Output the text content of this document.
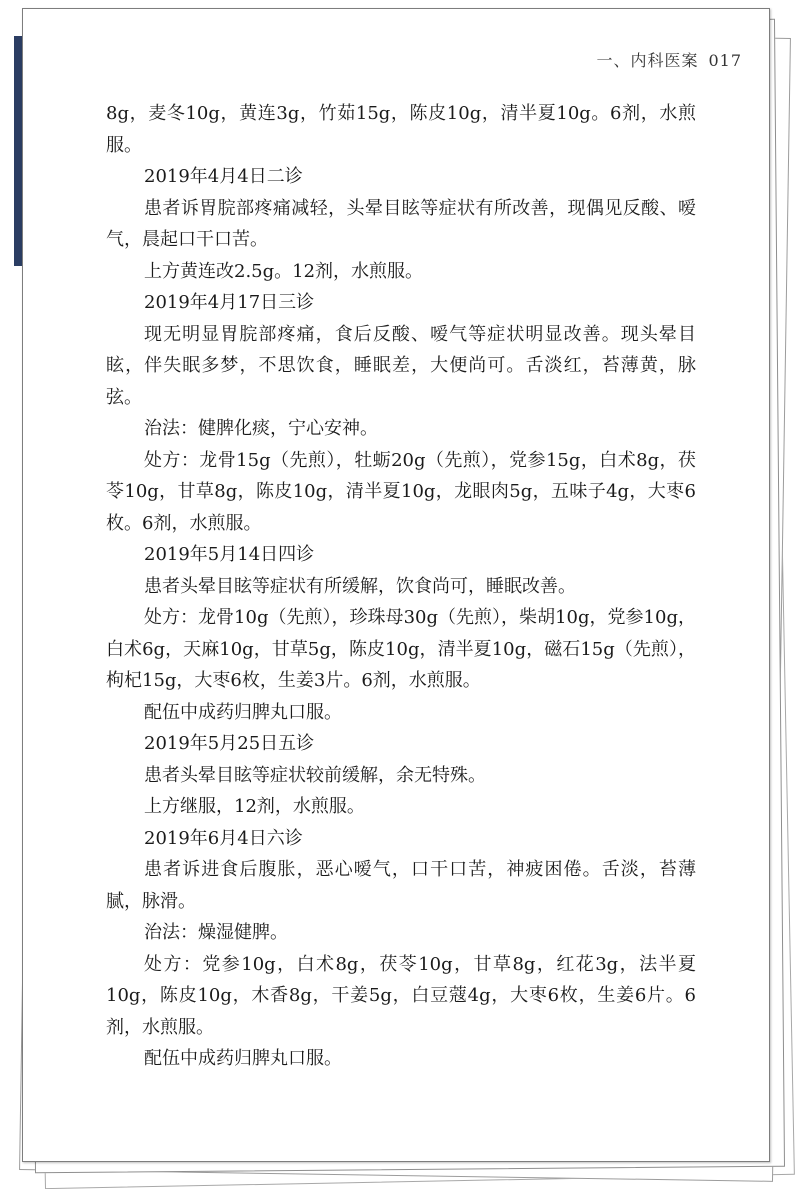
一、内科医案 017

8g，麦冬10g，黄连3g，竹茹15g，陈皮10g，清半夏10g。6剂，水煎服。

2019年4月4日二诊

患者诉胃脘部疼痛减轻，头晕目眩等症状有所改善，现偶见反酸、嗳气，晨起口干口苦。

上方黄连改2.5g。12剂，水煎服。

2019年4月17日三诊

现无明显胃脘部疼痛，食后反酸、嗳气等症状明显改善。现头晕目眩，伴失眠多梦，不思饮食，睡眠差，大便尚可。舌淡红，苔薄黄，脉弦。

治法：健脾化痰，宁心安神。

处方：龙骨15g（先煎），牡蛎20g（先煎），党参15g，白术8g，茯苓10g，甘草8g，陈皮10g，清半夏10g，龙眼肉5g，五味子4g，大枣6枚。6剂，水煎服。

2019年5月14日四诊

患者头晕目眩等症状有所缓解，饮食尚可，睡眠改善。

处方：龙骨10g（先煎），珍珠母30g（先煎），柴胡10g，党参10g，白术6g，天麻10g，甘草5g，陈皮10g，清半夏10g，磁石15g（先煎），枸杞15g，大枣6枚，生姜3片。6剂，水煎服。

配伍中成药归脾丸口服。

2019年5月25日五诊

患者头晕目眩等症状较前缓解，余无特殊。

上方继服，12剂，水煎服。

2019年6月4日六诊

患者诉进食后腹胀，恶心嗳气，口干口苦，神疲困倦。舌淡，苔薄腻，脉滑。

治法：燥湿健脾。

处方：党参10g，白术8g，茯苓10g，甘草8g，红花3g，法半夏10g，陈皮10g，木香8g，干姜5g，白豆蔻4g，大枣6枚，生姜6片。6剂，水煎服。

配伍中成药归脾丸口服。
